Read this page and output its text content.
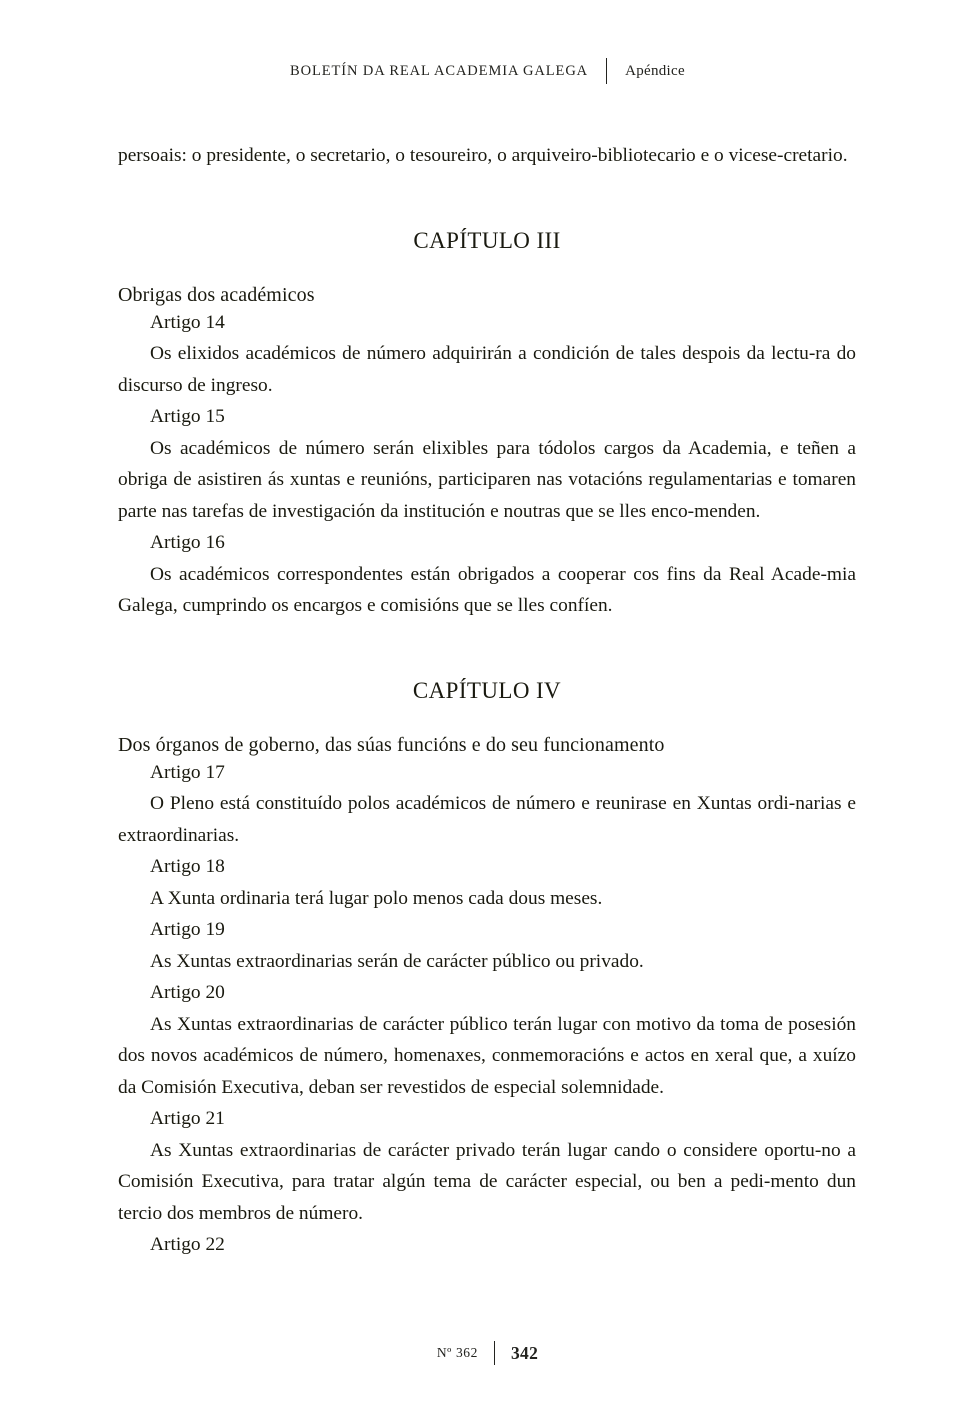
BOLETÍN DA REAL ACADEMIA GALEGA Apéndice

persoais: o presidente, o secretario, o tesoureiro, o arquiveiro-bibliotecario e o vicese-cretario.

CAPÍTULO III
Obrigas dos académicos

Artigo 14

Os elixidos académicos de número adquirirán a condición de tales despois da lectu-ra do discurso de ingreso.

Artigo 15

Os académicos de número serán elixibles para tódolos cargos da Academia, e teñen a obriga de asistiren ás xuntas e reunións, participaren nas votacións regulamentarias e tomaren parte nas tarefas de investigación da institución e noutras que se lles enco-menden.

Artigo 16

Os académicos correspondentes están obrigados a cooperar cos fins da Real Acade-mia Galega, cumprindo os encargos e comisións que se lles confíen.

CAPÍTULO IV
Dos órganos de goberno, das súas funcións e do seu funcionamento

Artigo 17

O Pleno está constituído polos académicos de número e reunirase en Xuntas ordi-narias e extraordinarias.

Artigo 18

A Xunta ordinaria terá lugar polo menos cada dous meses.

Artigo 19

As Xuntas extraordinarias serán de carácter público ou privado.

Artigo 20

As Xuntas extraordinarias de carácter público terán lugar con motivo da toma de posesión dos novos académicos de número, homenaxes, conmemoracións e actos en xeral que, a xuízo da Comisión Executiva, deban ser revestidos de especial solemnidade.

Artigo 21

As Xuntas extraordinarias de carácter privado terán lugar cando o considere oportu-no a Comisión Executiva, para tratar algún tema de carácter especial, ou ben a pedi-mento dun tercio dos membros de número.

Artigo 22

Nº 362 342
